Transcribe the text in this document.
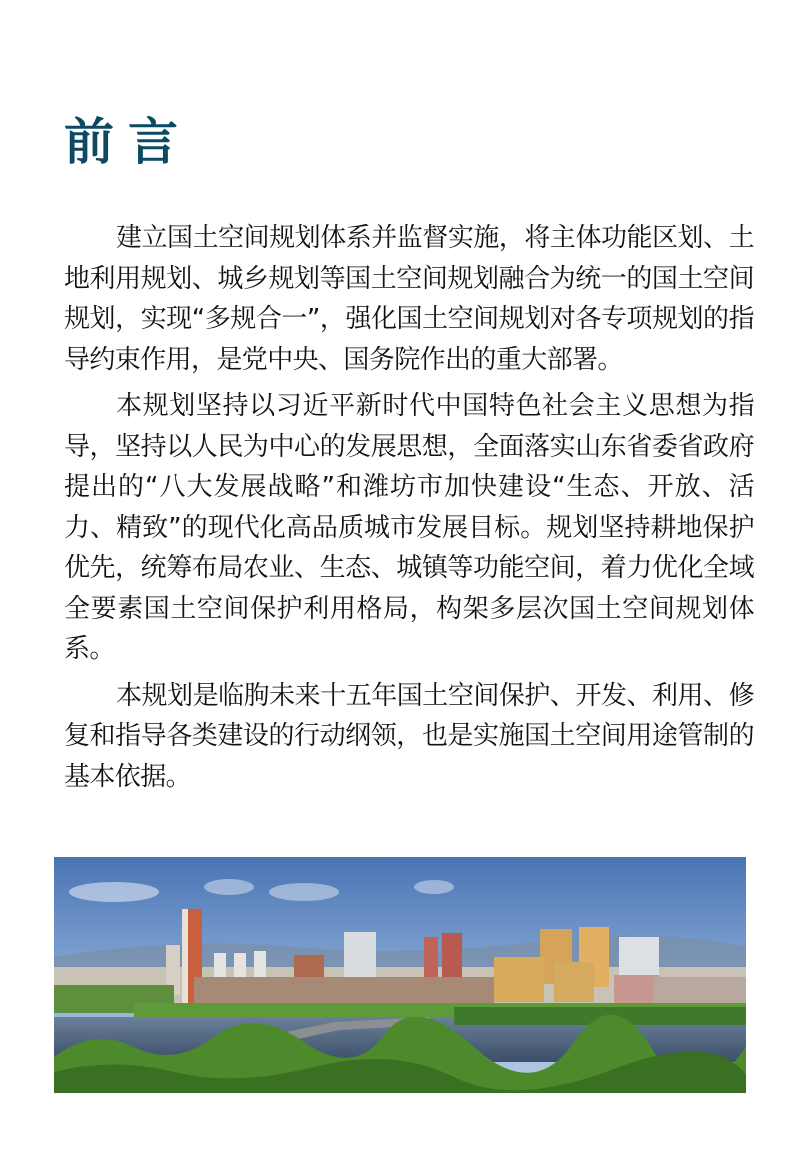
前言

建立国土空间规划体系并监督实施，将主体功能区划、土地利用规划、城乡规划等国土空间规划融合为统一的国土空间规划，实现“多规合一”，强化国土空间规划对各专项规划的指导约束作用，是党中央、国务院作出的重大部署。

本规划坚持以习近平新时代中国特色社会主义思想为指导，坚持以人民为中心的发展思想，全面落实山东省委省政府提出的“八大发展战略”和潍坊市加快建设“生态、开放、活力、精致”的现代化高品质城市发展目标。规划坚持耕地保护优先，统筹布局农业、生态、城镇等功能空间，着力优化全域全要素国土空间保护利用格局，构架多层次国土空间规划体系。

本规划是临朐未来十五年国土空间保护、开发、利用、修复和指导各类建设的行动纲领，也是实施国土空间用途管制的基本依据。
